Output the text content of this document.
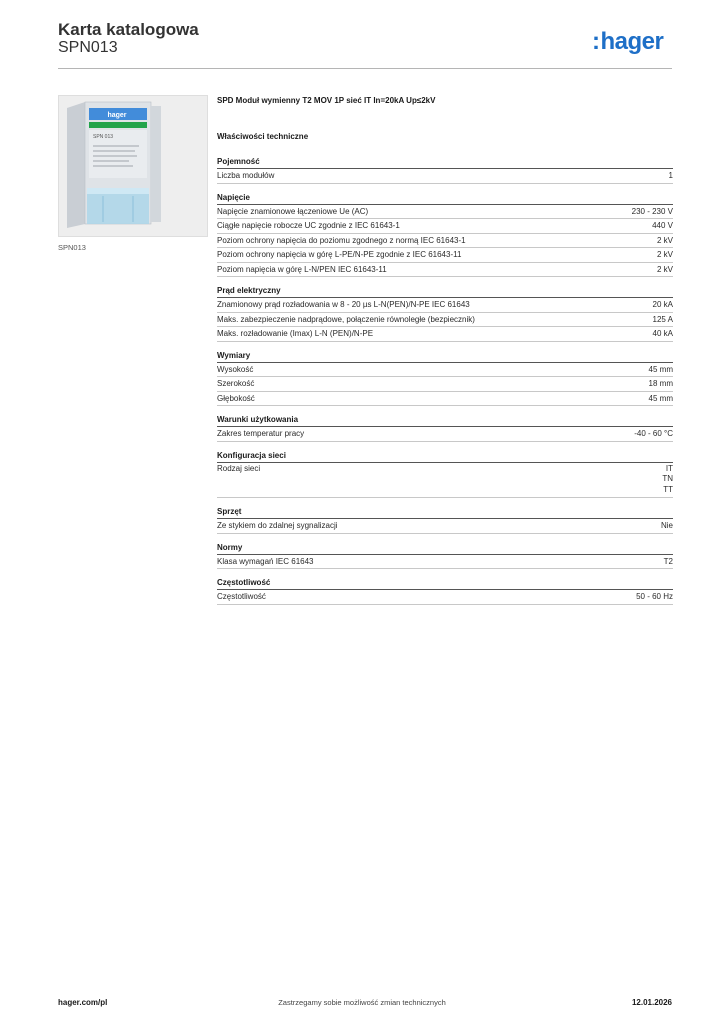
Karta katalogowa
SPN013	:hager
hager
SPN 013
SPN013
SPD Moduł wymienny T2 MOV 1P sieć IT In=20kA Up≤2kV
Właściwości techniczne
Pojemność
Liczba modułów	1
Napięcie
Napięcie znamionowe łączeniowe Ue (AC)	230 - 230 V
Ciągłe napięcie robocze UC zgodnie z IEC 61643-1	440 V
Poziom ochrony napięcia do poziomu zgodnego z normą IEC 61643-1	2 kV
Poziom ochrony napięcia w górę L-PE/N-PE zgodnie z IEC 61643-11	2 kV
Poziom napięcia w górę L-N/PEN IEC 61643-11	2 kV
Prąd elektryczny
Znamionowy prąd rozładowania w 8 - 20 µs L-N(PEN)/N-PE IEC 61643	20 kA
Maks. zabezpieczenie nadprądowe, połączenie równoległe (bezpiecznik)	125 A
Maks. rozładowanie (Imax) L-N (PEN)/N-PE	40 kA
Wymiary
Wysokość	45 mm
Szerokość	18 mm
Głębokość	45 mm
Warunki użytkowania
Zakres temperatur pracy	-40 - 60 °C
Konfiguracja sieci
Rodzaj sieci	IT
TN
TT
Sprzęt
Ze stykiem do zdalnej sygnalizacji	Nie
Normy
Klasa wymagań IEC 61643	T2
Częstotliwość
Częstotliwość	50 - 60 Hz
hager.com/pl	Zastrzegamy sobie możliwość zmian technicznych	12.01.2026
